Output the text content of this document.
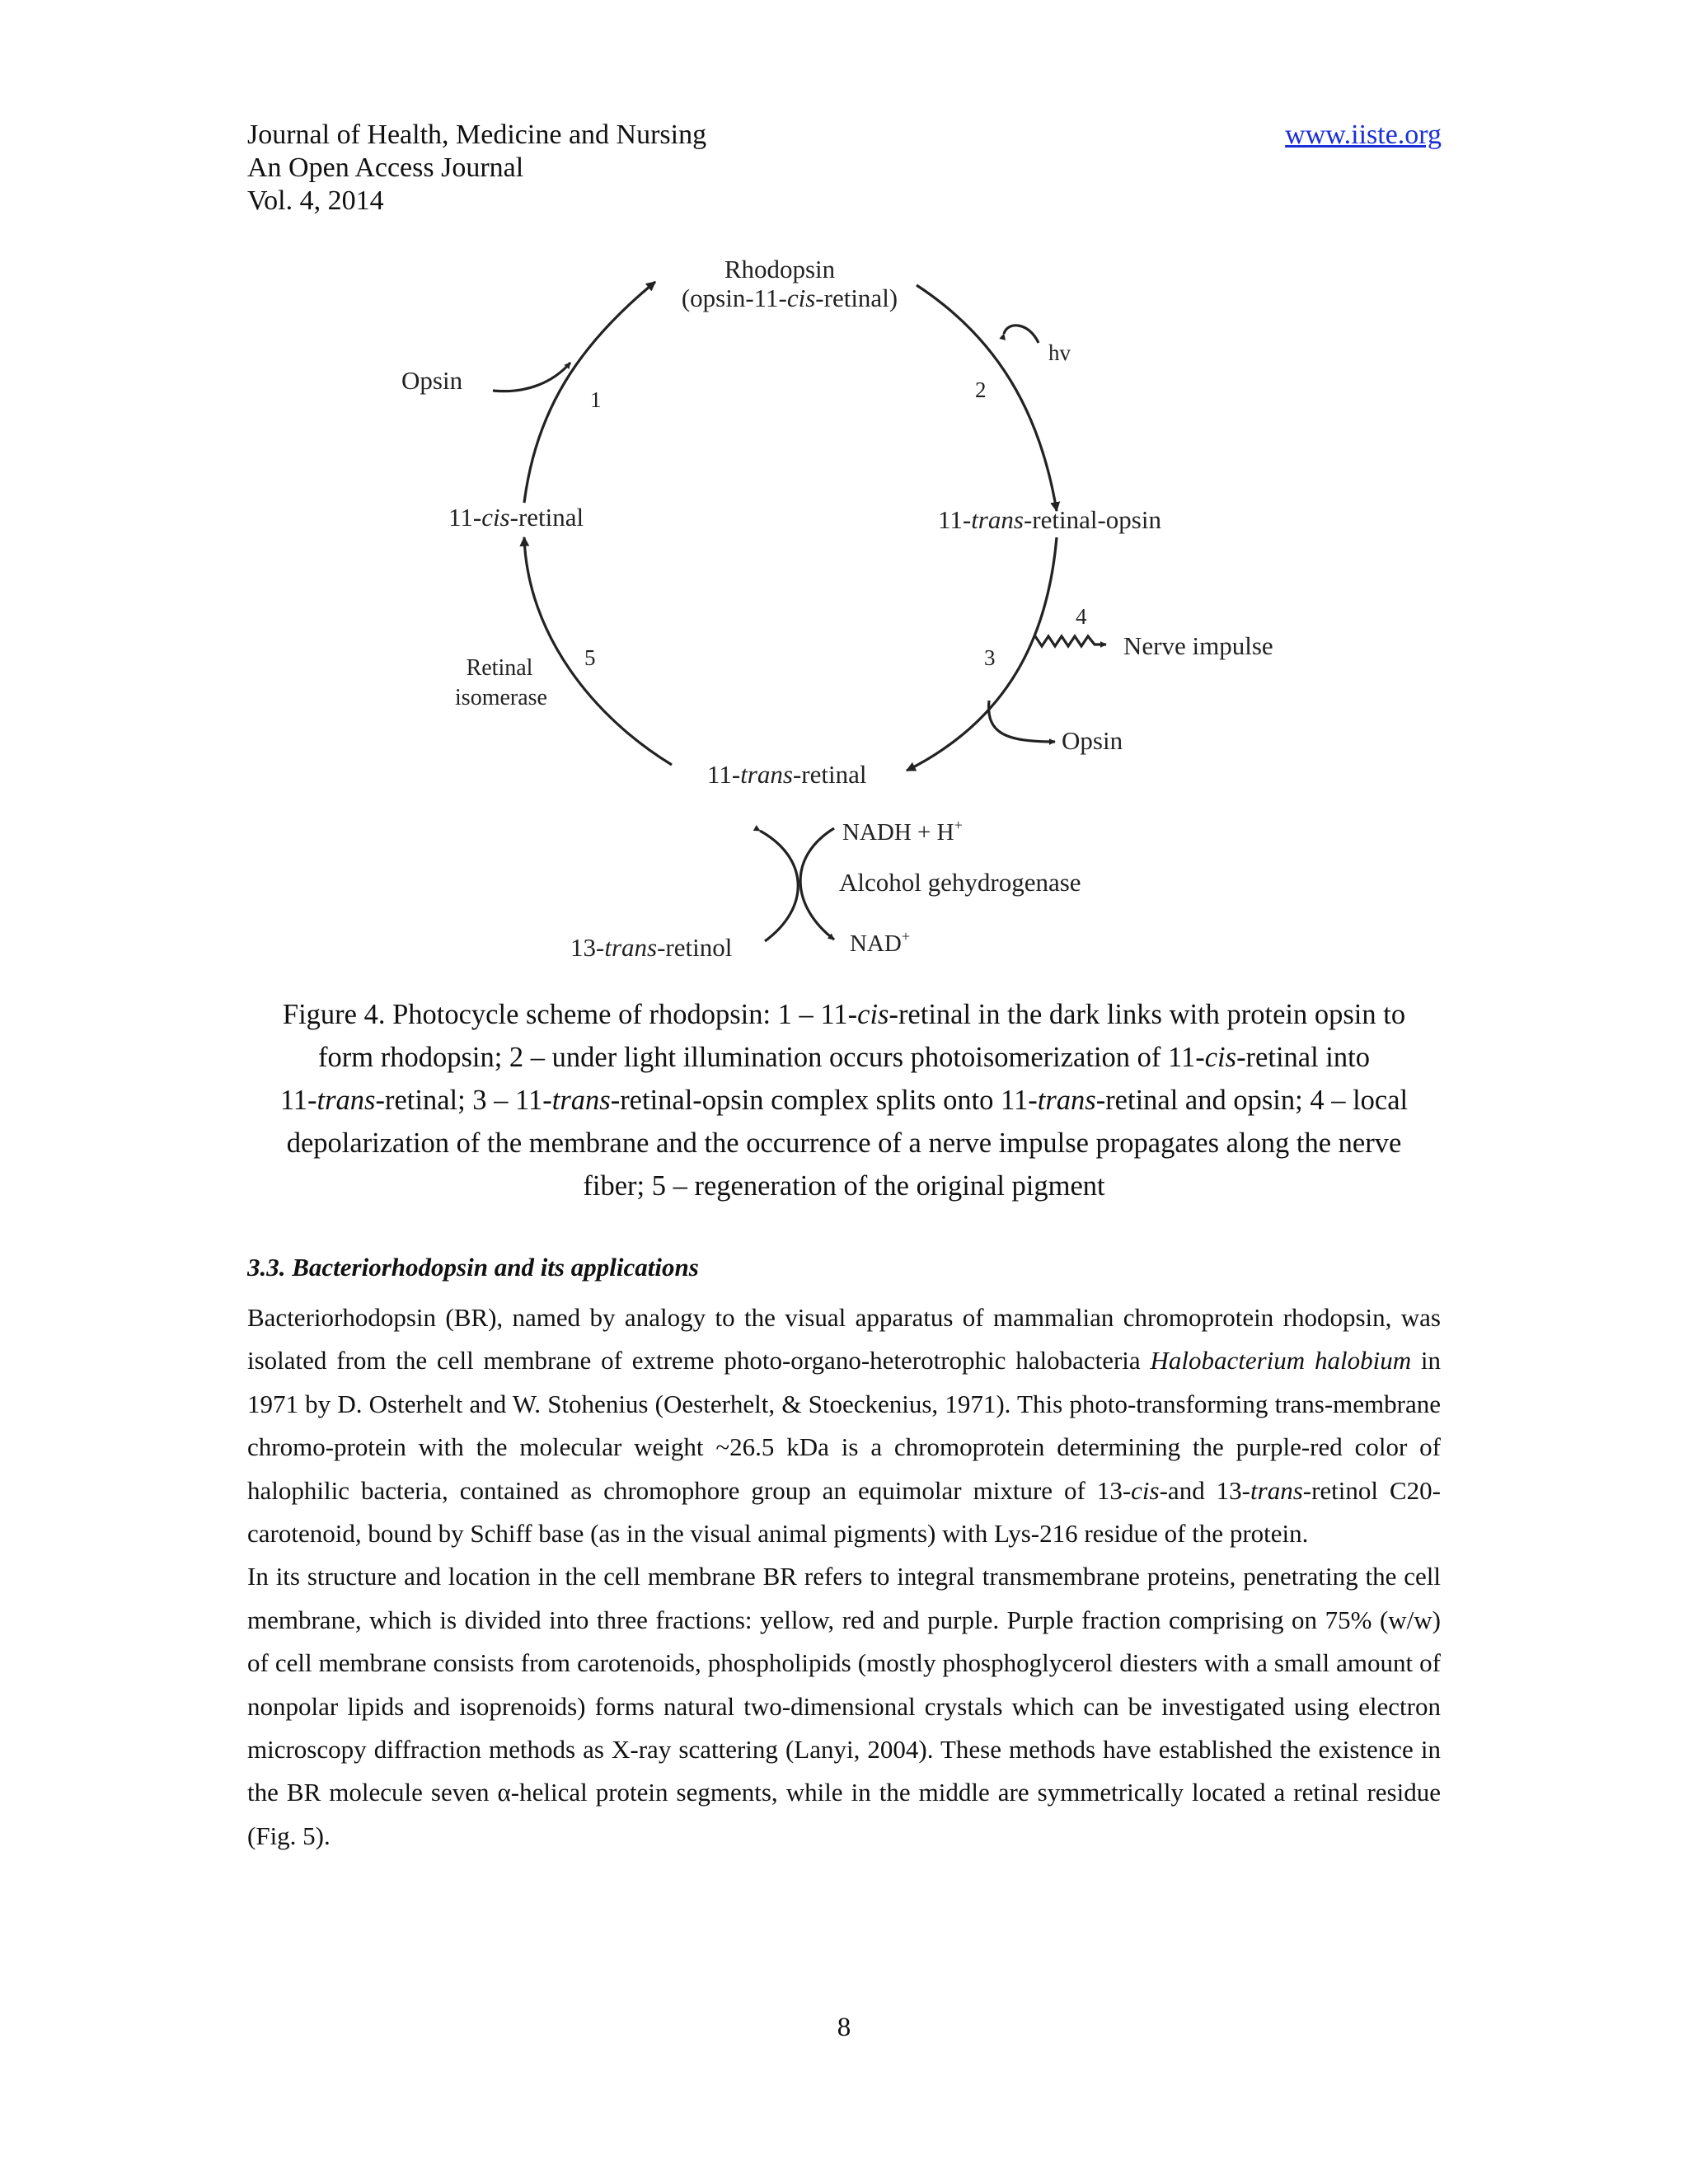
Journal of Health, Medicine and Nursing
An Open Access Journal
Vol. 4, 2014
www.iiste.org
Rhodopsin
(opsin-11-cis-retinal)
Opsin
hv
1	2
3
4
5
11-cis-retinal	11-trans-retinal-opsin
Nerve impulse
Opsin
Retinal
isomerase
11-trans-retinal
NADH + H+
Alcohol gehydrogenase
13-trans-retinol	NAD+

Figure 4. Photocycle scheme of rhodopsin: 1 – 11-cis-retinal in the dark links with protein opsin to

form rhodopsin; 2 – under light illumination occurs photoisomerization of 11-cis-retinal into

11-trans-retinal; 3 – 11-trans-retinal-opsin complex splits onto 11-trans-retinal and opsin; 4 – local

depolarization of the membrane and the occurrence of a nerve impulse propagates along the nerve

fiber; 5 – regeneration of the original pigment

3.3. Bacteriorhodopsin and its applications

Bacteriorhodopsin (BR), named by analogy to the visual apparatus of mammalian chromoprotein rhodopsin, was isolated from the cell membrane of extreme photo-organo-heterotrophic halobacteria Halobacterium halobium in 1971 by D. Osterhelt and W. Stohenius (Oesterhelt, & Stoeckenius, 1971). This photo-transforming trans-membrane chromo-protein with the molecular weight ~26.5 kDa is a chromoprotein determining the purple-red color of halophilic bacteria, contained as chromophore group an equimolar mixture of 13-cis-and 13-trans-retinol C20-carotenoid, bound by Schiff base (as in the visual animal pigments) with Lys-216 residue of the protein.

In its structure and location in the cell membrane BR refers to integral transmembrane proteins, penetrating the cell membrane, which is divided into three fractions: yellow, red and purple. Purple fraction comprising on 75% (w/w) of cell membrane consists from carotenoids, phospholipids (mostly phosphoglycerol diesters with a small amount of nonpolar lipids and isoprenoids) forms natural two-dimensional crystals which can be investigated using electron microscopy diffraction methods as X-ray scattering (Lanyi, 2004). These methods have established the existence in the BR molecule seven α-helical protein segments, while in the middle are symmetrically located a retinal residue (Fig. 5).

8
